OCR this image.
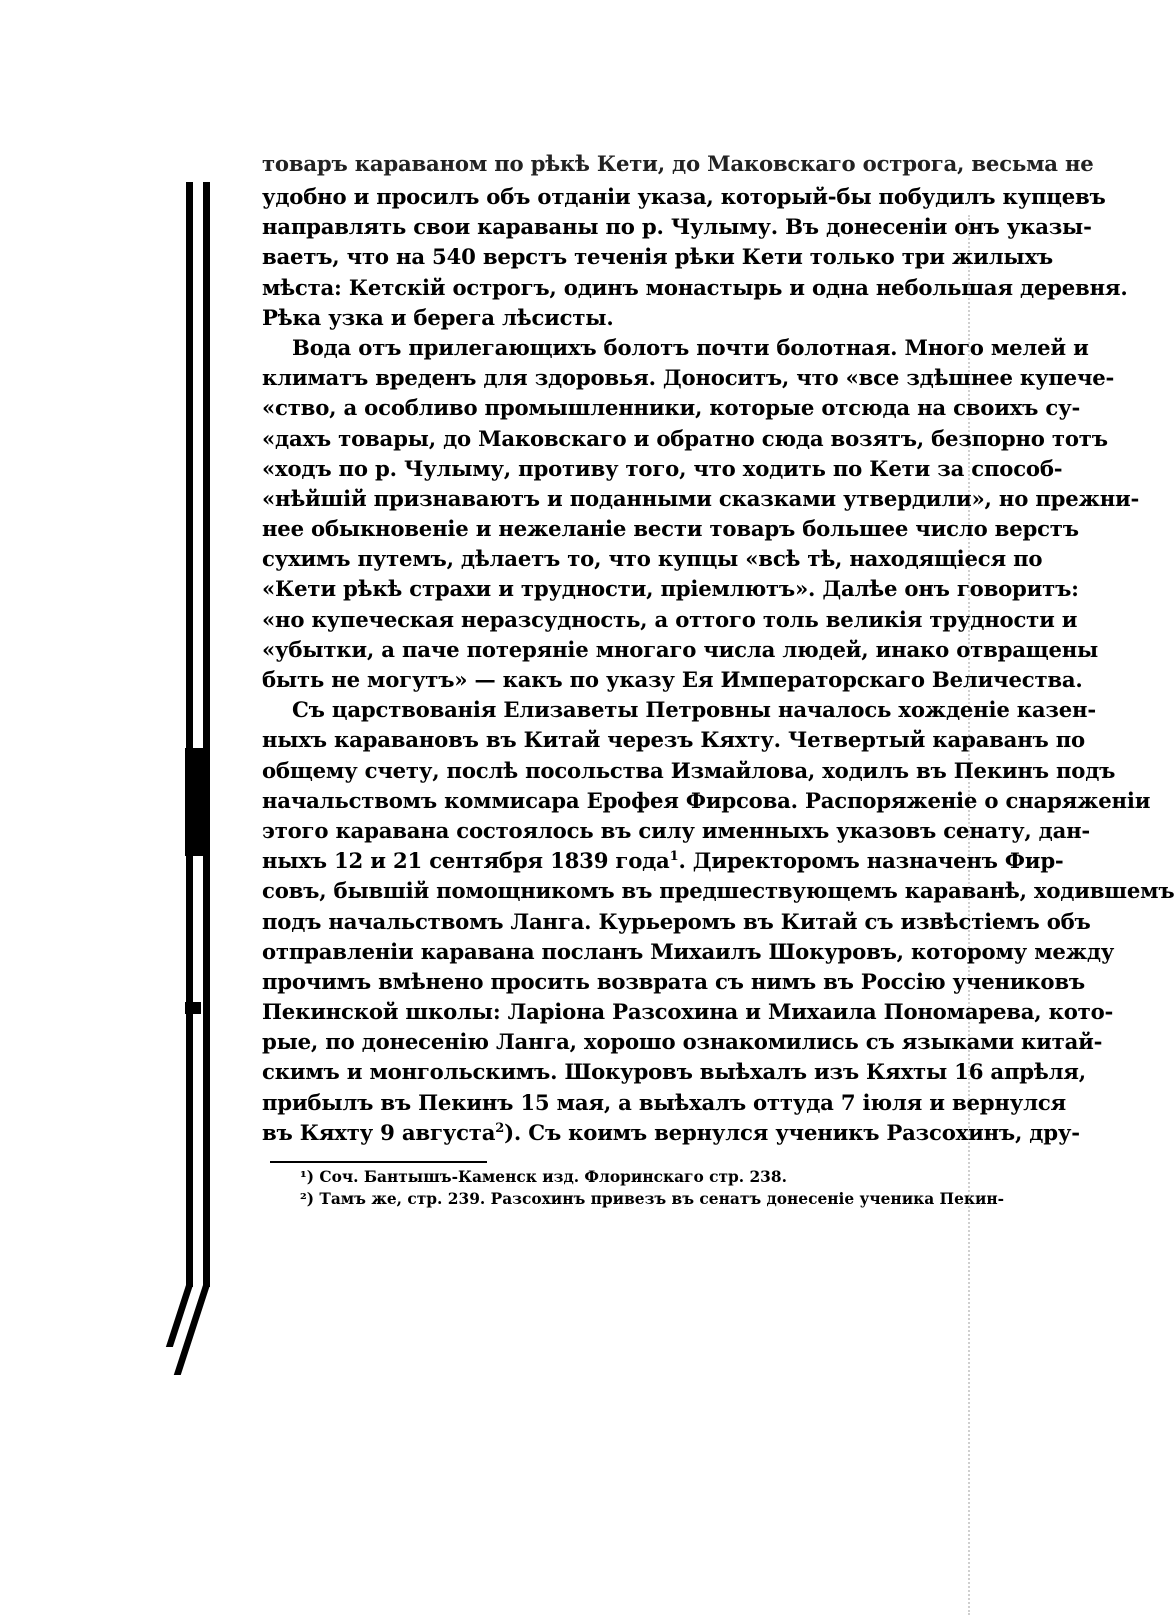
товаръ караваном по рѣкѣ Кети, до Маковскаго острога, весьма не
удобно и просилъ объ отданіи указа, который-бы побудилъ купцевъ
направлять свои караваны по р. Чулыму. Въ донесеніи онъ указы-
ваетъ, что на 540 верстъ теченія рѣки Кети только три жилыхъ
мѣста: Кетскій острогъ, одинъ монастырь и одна небольшая деревня.
Рѣка узка и берега лѣсисты.
Вода отъ прилегающихъ болотъ почти болотная. Много мелей и
климатъ вреденъ для здоровья. Доноситъ, что «все здѣшнее купече-
«ство, а особливо промышленники, которые отсюда на своихъ су-
«дахъ товары, до Маковскаго и обратно сюда возятъ, безпорно тотъ
«ходъ по р. Чулыму, противу того, что ходить по Кети за способ-
«нѣйшій признаваютъ и поданными сказками утвердили», но прежни-
нее обыкновеніе и нежеланіе вести товаръ большее число верстъ
сухимъ путемъ, дѣлаетъ то, что купцы «всѣ тѣ, находящіеся по
«Кети рѣкѣ страхи и трудности, пріемлютъ». Далѣе онъ говоритъ:
«но купеческая неразсудность, а оттого толь великія трудности и
«убытки, а паче потеряніе многаго числа людей, инако отвращены
быть не могутъ» — какъ по указу Ея Императорскаго Величества.
Съ царствованія Елизаветы Петровны началось хожденіе казен-
ныхъ каравановъ въ Китай черезъ Кяхту. Четвертый караванъ по
общему счету, послѣ посольства Измайлова, ходилъ въ Пекинъ подъ
начальствомъ коммисара Ерофея Фирсова. Распоряженіе о снаряженіи
этого каравана состоялось въ силу именныхъ указовъ сенату, дан-
ныхъ 12 и 21 сентября 1839 года$^1$. Директоромъ назначенъ Фир-
совъ, бывшій помощникомъ въ предшествующемъ караванѣ, ходившемъ
подъ начальствомъ Ланга. Курьеромъ въ Китай съ извѣстіемъ объ
отправленіи каравана посланъ Михаилъ Шокуровъ, которому между
прочимъ вмѣнено просить возврата съ нимъ въ Россію учениковъ
Пекинской школы: Ларіона Разсохина и Михаила Пономарева, кото-
рые, по донесенію Ланга, хорошо ознакомились съ языками китай-
скимъ и монгольскимъ. Шокуровъ выѣхалъ изъ Кяхты 16 апрѣля,
прибылъ въ Пекинъ 15 мая, а выѣхалъ оттуда 7 іюля и вернулся
въ Кяхту 9 августа$^2$). Съ коимъ вернулся ученикъ Разсохинъ, дру-
¹) Соч. Бантышъ-Каменск изд. Флоринскаго стр. 238.
²) Тамъ же, стр. 239. Разсохинъ привезъ въ сенатъ донесеніе ученика Пекин-
